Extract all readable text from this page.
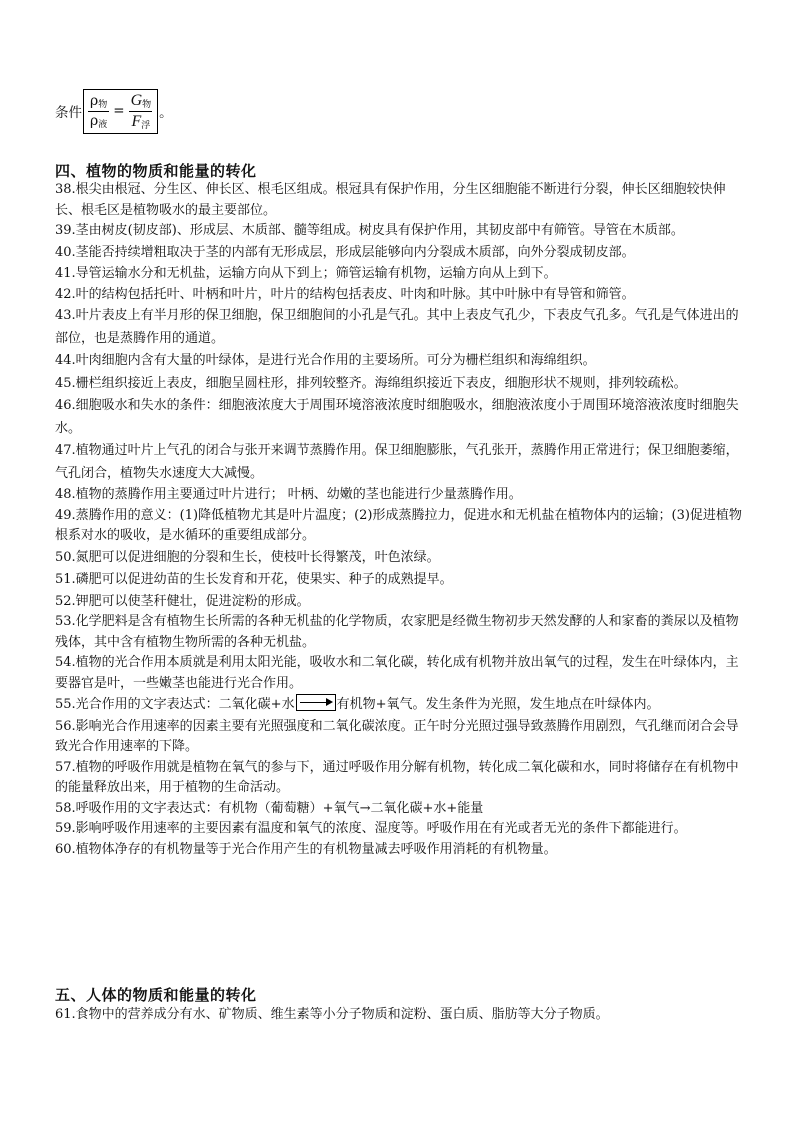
条件 $\frac{\rho_物}{\rho_液} = \frac{G_物}{F_浮}$ 。
四、植物的物质和能量的转化

38.根尖由根冠、分生区、伸长区、根毛区组成。根冠具有保护作用，分生区细胞能不断进行分裂，伸长区细胞较快伸长、根毛区是植物吸水的最主要部位。

39.茎由树皮(韧皮部)、形成层、木质部、髓等组成。树皮具有保护作用，其韧皮部中有筛管。导管在木质部。

40.茎能否持续增粗取决于茎的内部有无形成层，形成层能够向内分裂成木质部，向外分裂成韧皮部。

41.导管运输水分和无机盐，运输方向从下到上；筛管运输有机物，运输方向从上到下。

42.叶的结构包括托叶、叶柄和叶片，叶片的结构包括表皮、叶肉和叶脉。其中叶脉中有导管和筛管。

43.叶片表皮上有半月形的保卫细胞，保卫细胞间的小孔是气孔。其中上表皮气孔少，下表皮气孔多。气孔是气体进出的部位，也是蒸腾作用的通道。

44.叶肉细胞内含有大量的叶绿体，是进行光合作用的主要场所。可分为栅栏组织和海绵组织。

45.栅栏组织接近上表皮，细胞呈圆柱形，排列较整齐。海绵组织接近下表皮，细胞形状不规则，排列较疏松。

46.细胞吸水和失水的条件：细胞液浓度大于周围环境溶液浓度时细胞吸水，细胞液浓度小于周围环境溶液浓度时细胞失水。

47.植物通过叶片上气孔的闭合与张开来调节蒸腾作用。保卫细胞膨胀，气孔张开，蒸腾作用正常进行；保卫细胞萎缩，气孔闭合，植物失水速度大大减慢。

48.植物的蒸腾作用主要通过叶片进行； 叶柄、幼嫩的茎也能进行少量蒸腾作用。

49.蒸腾作用的意义：(1)降低植物尤其是叶片温度；(2)形成蒸腾拉力，促进水和无机盐在植物体内的运输；(3)促进植物根系对水的吸收，是水循环的重要组成部分。

50.氮肥可以促进细胞的分裂和生长，使枝叶长得繁茂，叶色浓绿。

51.磷肥可以促进幼苗的生长发育和开花，使果实、种子的成熟提早。

52.钾肥可以使茎秆健壮，促进淀粉的形成。

53.化学肥料是含有植物生长所需的各种无机盐的化学物质，农家肥是经微生物初步天然发酵的人和家畜的粪尿以及植物残体，其中含有植物生物所需的各种无机盐。

54.植物的光合作用本质就是利用太阳光能，吸收水和二氧化碳，转化成有机物并放出氧气的过程，发生在叶绿体内，主要器官是叶，一些嫩茎也能进行光合作用。

55.光合作用的文字表达式：二氧化碳+水→有机物+氧气。发生条件为光照，发生地点在叶绿体内。

56.影响光合作用速率的因素主要有光照强度和二氧化碳浓度。正午时分光照过强导致蒸腾作用剧烈，气孔继而闭合会导致光合作用速率的下降。

57.植物的呼吸作用就是植物在氧气的参与下，通过呼吸作用分解有机物，转化成二氧化碳和水，同时将储存在有机物中的能量释放出来，用于植物的生命活动。

58.呼吸作用的文字表达式：有机物（葡萄糖）+氧气→二氧化碳+水+能量

59.影响呼吸作用速率的主要因素有温度和氧气的浓度、湿度等。呼吸作用在有光或者无光的条件下都能进行。

60.植物体净存的有机物量等于光合作用产生的有机物量减去呼吸作用消耗的有机物量。

五、人体的物质和能量的转化

61.食物中的营养成分有水、矿物质、维生素等小分子物质和淀粉、蛋白质、脂肪等大分子物质。
